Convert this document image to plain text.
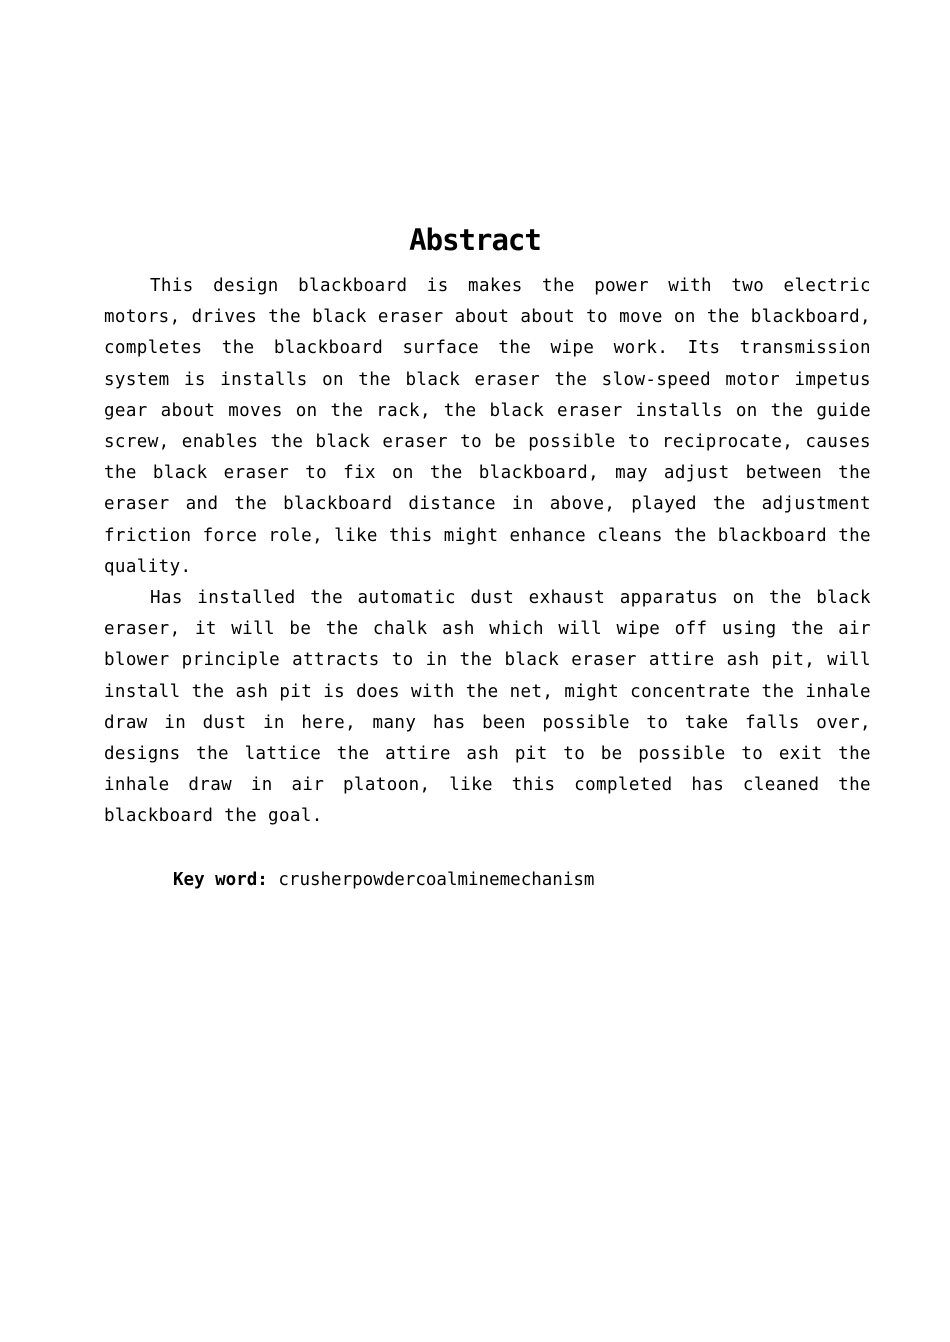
Abstract

This design blackboard is makes the power with two electric motors, drives the black eraser about about to move on the blackboard, completes the blackboard surface the wipe work. Its transmission system is installs on the black eraser the slow-speed motor impetus gear about moves on the rack, the black eraser installs on the guide screw, enables the black eraser to be possible to reciprocate, causes the black eraser to fix on the blackboard, may adjust between the eraser and the blackboard distance in above, played the adjustment friction force role, like this might enhance cleans the blackboard the quality.

Has installed the automatic dust exhaust apparatus on the black eraser, it will be the chalk ash which will wipe off using the air blower principle attracts to in the black eraser attire ash pit, will install the ash pit is does with the net, might concentrate the inhale draw in dust in here, many has been possible to take falls over, designs the lattice the attire ash pit to be possible to exit the inhale draw in air platoon, like this completed has cleaned the blackboard the goal.

Key word: crusherpowdercoalminemechanism
